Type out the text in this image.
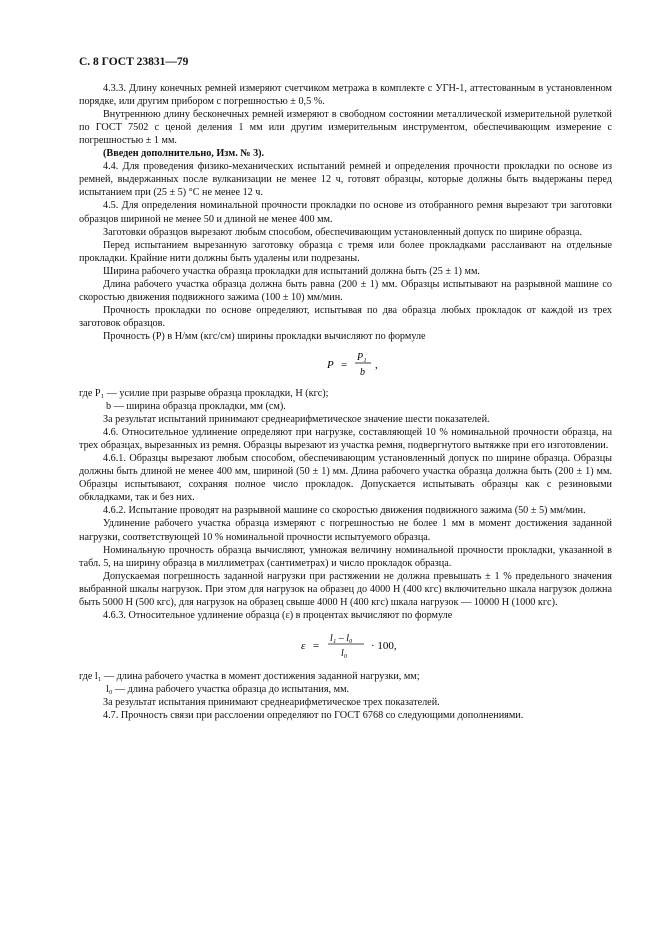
С. 8 ГОСТ 23831—79

4.3.3. Длину конечных ремней измеряют счетчиком метража в комплекте с УГН-1, аттестованным в установленном порядке, или другим прибором с погрешностью ± 0,5 %.

Внутреннюю длину бесконечных ремней измеряют в свободном состоянии металлической измерительной рулеткой по ГОСТ 7502 с ценой деления 1 мм или другим измерительным инструментом, обеспечивающим измерение с погрешностью ± 1 мм.

(Введен дополнительно, Изм. № 3).

4.4. Для проведения физико-механических испытаний ремней и определения прочности прокладки по основе из ремней, выдержанных после вулканизации не менее 12 ч, готовят образцы, которые должны быть выдержаны перед испытанием при (25 ± 5) °С не менее 12 ч.

4.5. Для определения номинальной прочности прокладки по основе из отобранного ремня вырезают три заготовки образцов шириной не менее 50 и длиной не менее 400 мм.

Заготовки образцов вырезают любым способом, обеспечивающим установленный допуск по ширине образца.

Перед испытанием вырезанную заготовку образца с тремя или более прокладками расслаивают на отдельные прокладки. Крайние нити должны быть удалены или подрезаны.

Ширина рабочего участка образца прокладки для испытаний должна быть (25 ± 1) мм.

Длина рабочего участка образца должна быть равна (200 ± 1) мм. Образцы испытывают на разрывной машине со скоростью движения подвижного зажима (100 ± 10) мм/мин.

Прочность прокладки по основе определяют, испытывая по два образца любых прокладок от каждой из трех заготовок образцов.

Прочность (Р) в Н/мм (кгс/см) ширины прокладки вычисляют по формуле

P =
P₁
b
,
где P₁ —
усилие при разрыве образца прокладки, Н (кгс);
b —
ширина образца прокладки, мм (см).

За результат испытаний принимают среднеарифметическое значение шести показателей.

4.6. Относительное удлинение определяют при нагрузке, составляющей 10 % номинальной прочности образца, на трех образцах, вырезанных из ремня. Образцы вырезают из участка ремня, подвергнутого вытяжке при его изготовлении.

4.6.1. Образцы вырезают любым способом, обеспечивающим установленный допуск по ширине образца. Образцы должны быть длиной не менее 400 мм, шириной (50 ± 1) мм. Длина рабочего участка образца должна быть (200 ± 1) мм. Образцы испытывают, сохраняя полное число прокладок. Допускается испытывать образцы как с резиновыми обкладками, так и без них.

4.6.2. Испытание проводят на разрывной машине со скоростью движения подвижного зажима (50 ± 5) мм/мин.

Удлинение рабочего участка образца измеряют с погрешностью не более 1 мм в момент достижения заданной нагрузки, соответствующей 10 % номинальной прочности испытуемого образца.

Номинальную прочность образца вычисляют, умножая величину номинальной прочности прокладки, указанной в табл. 5, на ширину образца в миллиметрах (сантиметрах) и число прокладок образца.

Допускаемая погрешность заданной нагрузки при растяжении не должна превышать ± 1 % предельного значения выбранной шкалы нагрузок. При этом для нагрузок на образец до 4000 Н (400 кгс) включительно шкала нагрузок должна быть 5000 Н (500 кгс), для нагрузок на образец свыше 4000 Н (400 кгс) шкала нагрузок — 10000 Н (1000 кгс).

4.6.3. Относительное удлинение образца (ε) в процентах вычисляют по формуле

ε =
l₁ – l₀
l₀
· 100,
где l₁ —
длина рабочего участка в момент достижения заданной нагрузки, мм;
l₀ —
длина рабочего участка образца до испытания, мм.

За результат испытания принимают среднеарифметическое трех показателей.

4.7. Прочность связи при расслоении определяют по ГОСТ 6768 со следующими дополнениями.
